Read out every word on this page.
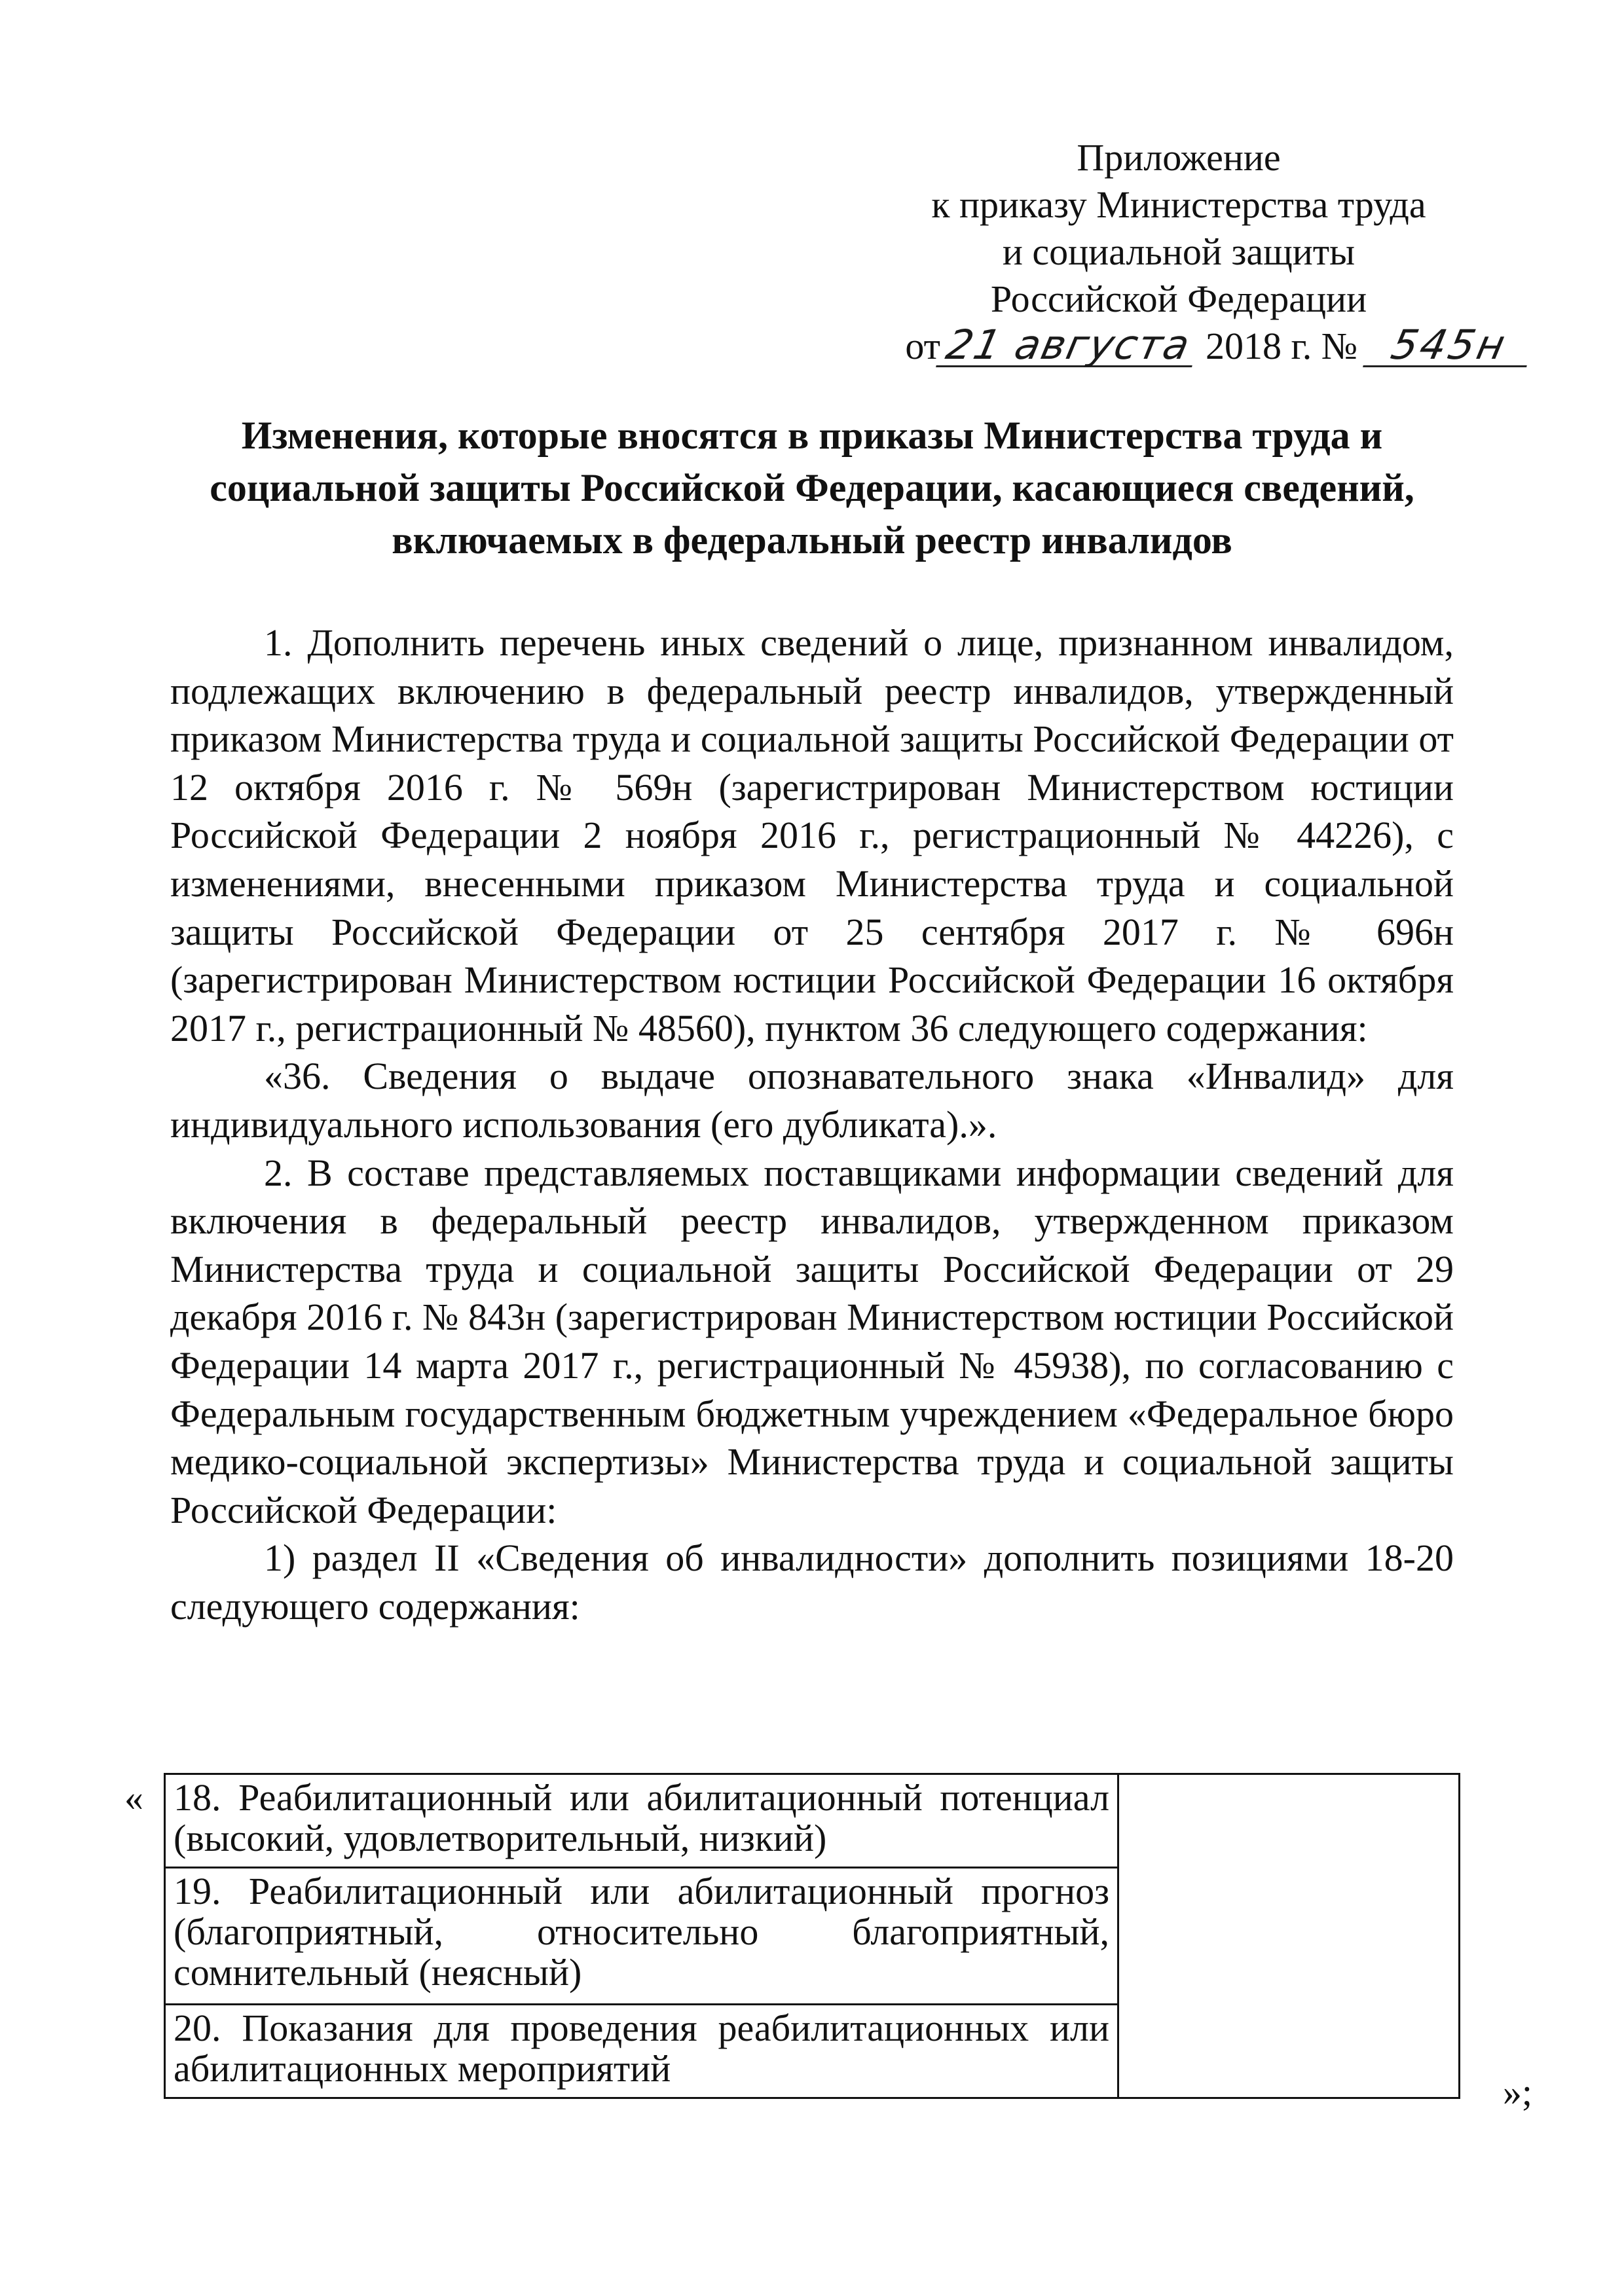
Приложение
к приказу Министерства труда
и социальной защиты
Российской Федерации
от21 августа 2018 г. № 545н
Изменения, которые вносятся в приказы Министерства труда и
социальной защиты Российской Федерации, касающиеся сведений,
включаемых в федеральный реестр инвалидов

1. Дополнить перечень иных сведений о лице, признанном инвалидом, подлежащих включению в федеральный реестр инвалидов, утвержденный приказом Министерства труда и социальной защиты Российской Федерации от 12 октября 2016 г. № 569н (зарегистрирован Министерством юстиции Российской Федерации 2 ноября 2016 г., регистрационный № 44226), с изменениями, внесенными приказом Министерства труда и социальной защиты Российской Федерации от 25 сентября 2017 г. № 696н (зарегистрирован Министерством юстиции Российской Федерации 16 октября 2017 г., регистрационный № 48560), пунктом 36 следующего содержания:

«36. Сведения о выдаче опознавательного знака «Инвалид» для индивидуального использования (его дубликата).».

2. В составе представляемых поставщиками информации сведений для включения в федеральный реестр инвалидов, утвержденном приказом Министерства труда и социальной защиты Российской Федерации от 29 декабря 2016 г. № 843н (зарегистрирован Министерством юстиции Российской Федерации 14 марта 2017 г., регистрационный № 45938), по согласованию с Федеральным государственным бюджетным учреждением «Федеральное бюро медико-социальной экспертизы» Министерства труда и социальной защиты Российской Федерации:

1) раздел II «Сведения об инвалидности» дополнить позициями 18-20 следующего содержания:

« 18. Реабилитационный или абилитационный потенциал (высокий, удовлетворительный, низкий)	
19. Реабилитационный или абилитационный прогноз (благоприятный, относительно благоприятный, сомнительный (неясный)
20. Показания для проведения реабилитационных или абилитационных мероприятий
»;
